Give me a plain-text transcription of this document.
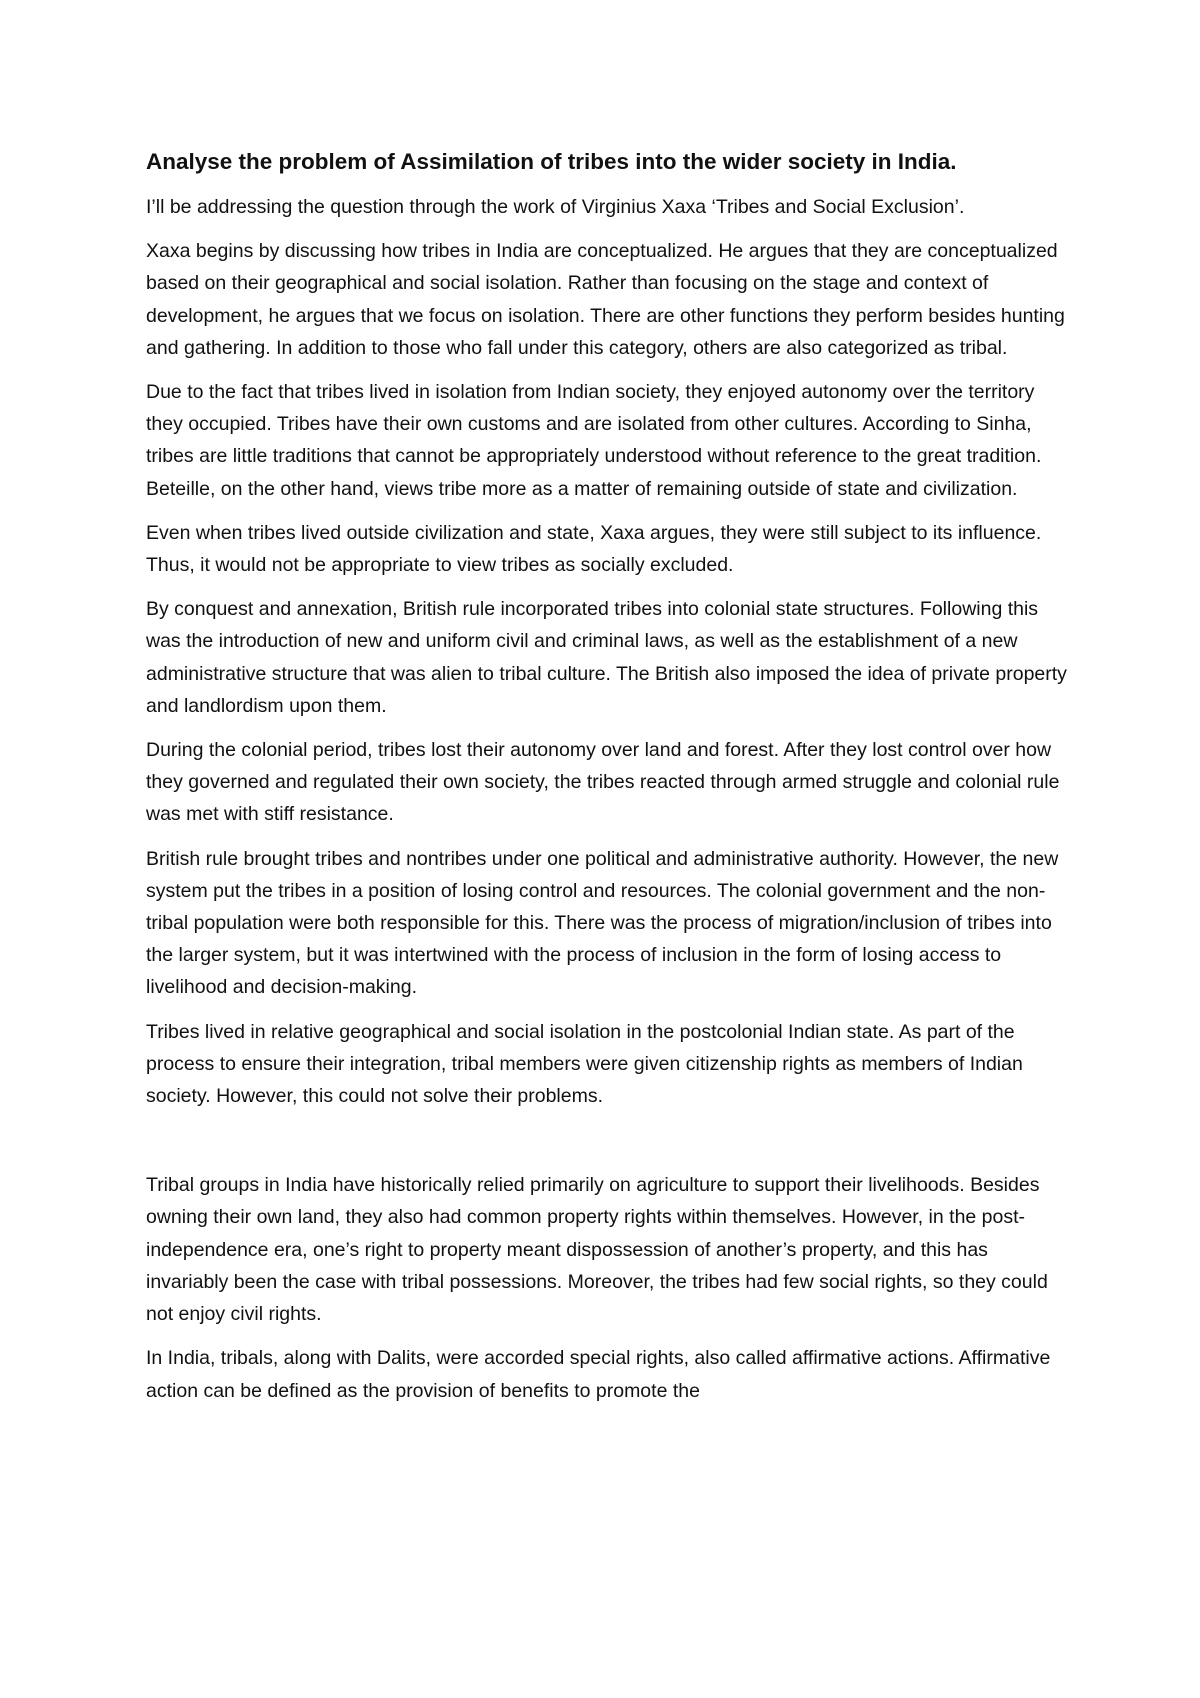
Analyse the problem of Assimilation of tribes into the wider society in India.

I’ll be addressing the question through the work of Virginius Xaxa ‘Tribes and Social Exclusion’.

Xaxa begins by discussing how tribes in India are conceptualized. He argues that they are conceptualized based on their geographical and social isolation. Rather than focusing on the stage and context of development, he argues that we focus on isolation. There are other functions they perform besides hunting and gathering. In addition to those who fall under this category, others are also categorized as tribal.

Due to the fact that tribes lived in isolation from Indian society, they enjoyed autonomy over the territory they occupied. Tribes have their own customs and are isolated from other cultures. According to Sinha, tribes are little traditions that cannot be appropriately understood without reference to the great tradition. Beteille, on the other hand, views tribe more as a matter of remaining outside of state and civilization.

Even when tribes lived outside civilization and state, Xaxa argues, they were still subject to its influence. Thus, it would not be appropriate to view tribes as socially excluded.

By conquest and annexation, British rule incorporated tribes into colonial state structures. Following this was the introduction of new and uniform civil and criminal laws, as well as the establishment of a new administrative structure that was alien to tribal culture. The British also imposed the idea of private property and landlordism upon them.

During the colonial period, tribes lost their autonomy over land and forest. After they lost control over how they governed and regulated their own society, the tribes reacted through armed struggle and colonial rule was met with stiff resistance.

British rule brought tribes and nontribes under one political and administrative authority. However, the new system put the tribes in a position of losing control and resources. The colonial government and the non-tribal population were both responsible for this. There was the process of migration/inclusion of tribes into the larger system, but it was intertwined with the process of inclusion in the form of losing access to livelihood and decision-making.

Tribes lived in relative geographical and social isolation in the postcolonial Indian state. As part of the process to ensure their integration, tribal members were given citizenship rights as members of Indian society. However, this could not solve their problems.

Tribal groups in India have historically relied primarily on agriculture to support their livelihoods. Besides owning their own land, they also had common property rights within themselves. However, in the post-independence era, one’s right to property meant dispossession of another’s property, and this has invariably been the case with tribal possessions. Moreover, the tribes had few social rights, so they could not enjoy civil rights.

In India, tribals, along with Dalits, were accorded special rights, also called affirmative actions. Affirmative action can be defined as the provision of benefits to promote the
